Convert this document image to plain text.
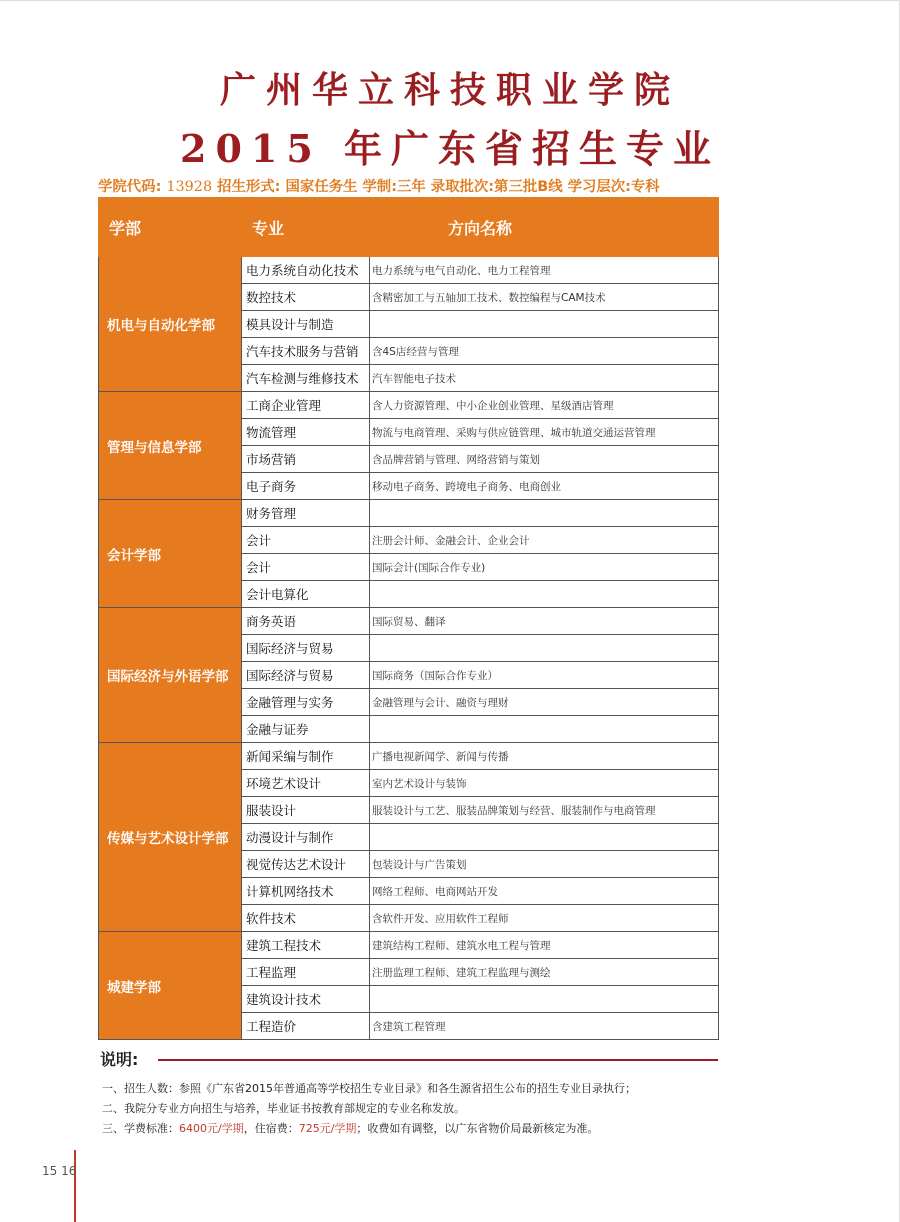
广州华立科技职业学院
2015 年广东省招生专业
学院代码: 13928 招生形式: 国家任务生 学制:三年 录取批次:第三批B线 学习层次:专科
学部	专业	方向名称
机电与自动化学部	电力系统自动化技术	电力系统与电气自动化、电力工程管理
	数控技术	含精密加工与五轴加工技术、数控编程与CAM技术
	模具设计与制造	
	汽车技术服务与营销	含4S店经营与管理
	汽车检测与维修技术	汽车智能电子技术
管理与信息学部	工商企业管理	含人力资源管理、中小企业创业管理、星级酒店管理
	物流管理	物流与电商管理、采购与供应链管理、城市轨道交通运营管理
	市场营销	含品牌营销与管理、网络营销与策划
	电子商务	移动电子商务、跨境电子商务、电商创业
会计学部	财务管理	
	会计	注册会计师、金融会计、企业会计
	会计	国际会计(国际合作专业)
	会计电算化	
国际经济与外语学部	商务英语	国际贸易、翻译
	国际经济与贸易	
	国际经济与贸易	国际商务（国际合作专业）
	金融管理与实务	金融管理与会计、融资与理财
	金融与证券	
传媒与艺术设计学部	新闻采编与制作	广播电视新闻学、新闻与传播
	环境艺术设计	室内艺术设计与装饰
	服装设计	服装设计与工艺、服装品牌策划与经营、服装制作与电商管理
	动漫设计与制作	
	视觉传达艺术设计	包装设计与广告策划
	计算机网络技术	网络工程师、电商网站开发
	软件技术	含软件开发、应用软件工程师
城建学部	建筑工程技术	建筑结构工程师、建筑水电工程与管理
	工程监理	注册监理工程师、建筑工程监理与测绘
	建筑设计技术	
	工程造价	含建筑工程管理
说明:
一、招生人数：参照《广东省2015年普通高等学校招生专业目录》和各生源省招生公布的招生专业目录执行；
二、我院分专业方向招生与培养，毕业证书按教育部规定的专业名称发放。
三、学费标准：6400元/学期，住宿费：725元/学期；收费如有调整，以广东省物价局最新核定为准。
15 16
